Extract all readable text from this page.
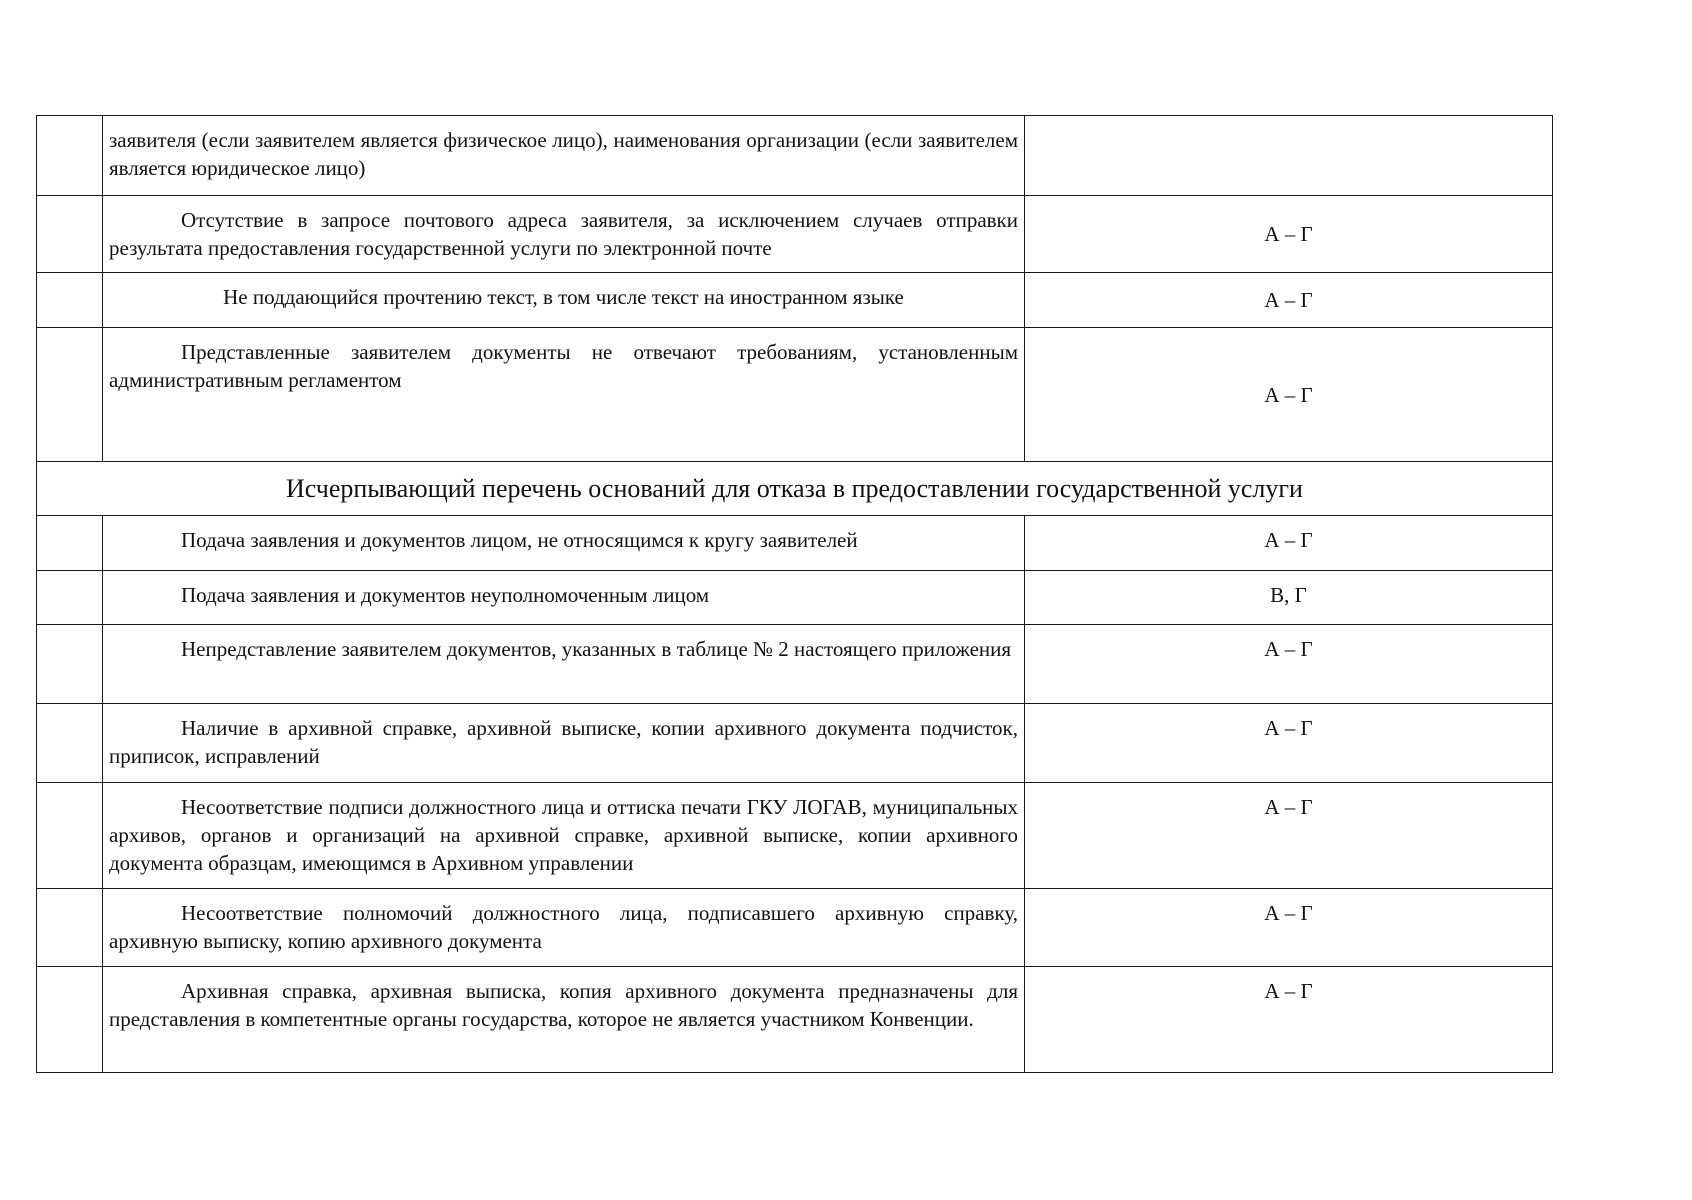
	заявителя (если заявителем является физическое лицо), наименования организации (если заявителем является юридическое лицо)	

	Отсутствие в запросе почтового адреса заявителя, за исключением случаев отправки результата предоставления государственной услуги по электронной почте	А – Г

	Не поддающийся прочтению текст, в том числе текст на иностранном языке	А – Г

	Представленные заявителем документы не отвечают требованиям, установленным административным регламентом	А – Г
Исчерпывающий перечень оснований для отказа в предоставлении государственной услуги		

	Подача заявления и документов лицом, не относящимся к кругу заявителей	А – Г

	Подача заявления и документов неуполномоченным лицом	В, Г

	Непредставление заявителем документов, указанных в таблице № 2 настоящего приложения	А – Г

	Наличие в архивной справке, архивной выписке, копии архивного документа подчисток, приписок, исправлений	А – Г

	Несоответствие подписи должностного лица и оттиска печати ГКУ ЛОГАВ, муниципальных архивов, органов и организаций на архивной справке, архивной выписке, копии архивного документа образцам, имеющимся в Архивном управлении	А – Г

	Несоответствие полномочий должностного лица, подписавшего архивную справку, архивную выписку, копию архивного документа	А – Г

	Архивная справка, архивная выписка, копия архивного документа предназначены для представления в компетентные органы государства, которое не является участником Конвенции.	А – Г
